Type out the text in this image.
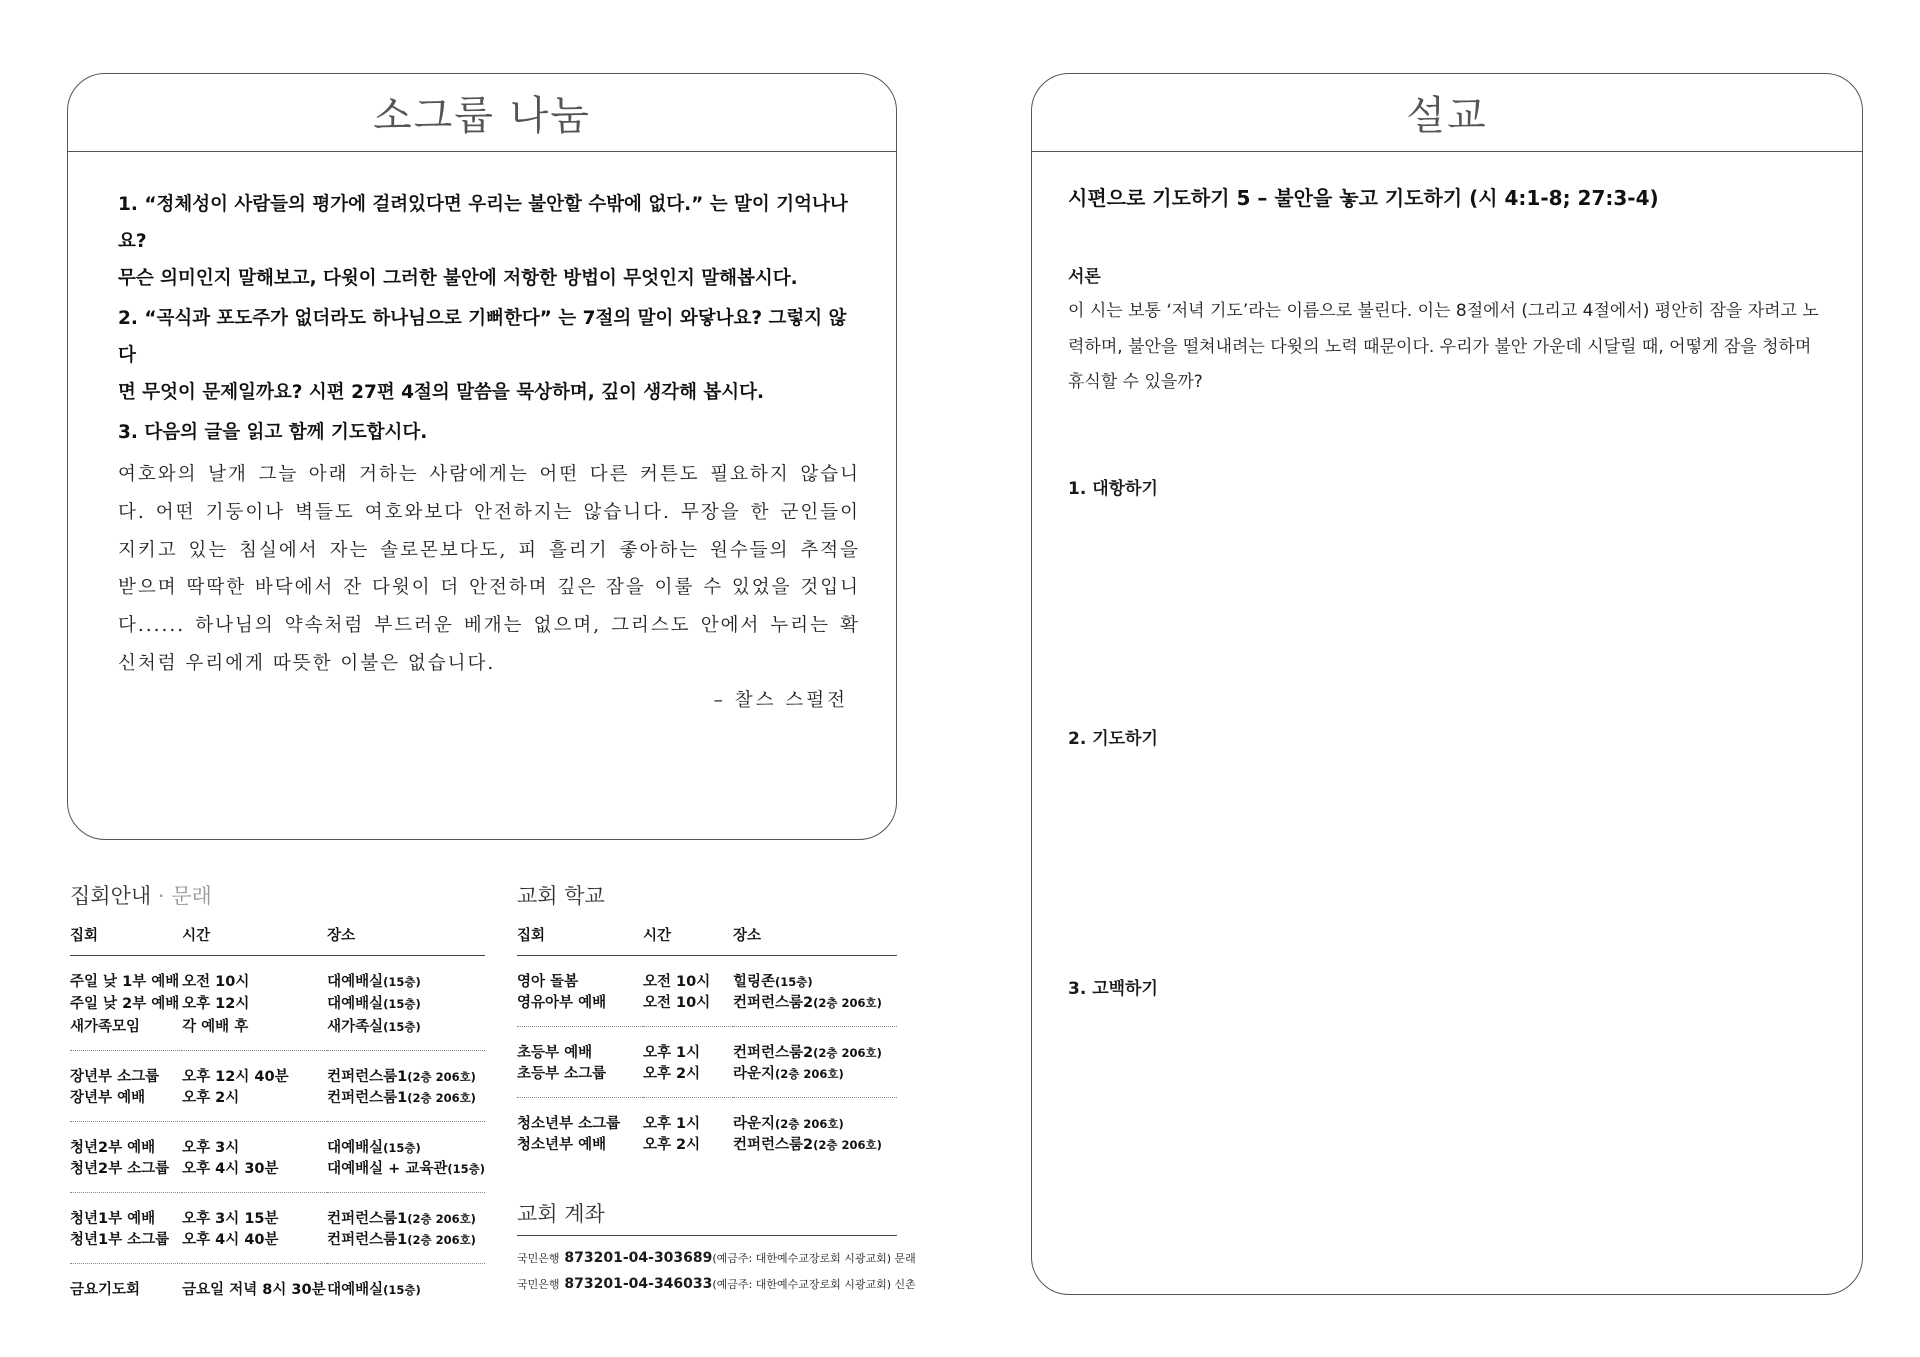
소그룹 나눔
1. “정체성이 사람들의 평가에 걸려있다면 우리는 불안할 수밖에 없다.” 는 말이 기억나나요?
무슨 의미인지 말해보고, 다윗이 그러한 불안에 저항한 방법이 무엇인지 말해봅시다.
2. “곡식과 포도주가 없더라도 하나님으로 기뻐한다” 는 7절의 말이 와닿나요? 그렇지 않다
면 무엇이 문제일까요? 시편 27편 4절의 말씀을 묵상하며, 깊이 생각해 봅시다.
3. 다음의 글을 읽고 함께 기도합시다.

여호와의 날개 그늘 아래 거하는 사람에게는 어떤 다른 커튼도 필요하지 않습니다. 어떤 기둥이나 벽들도 여호와보다 안전하지는 않습니다. 무장을 한 군인들이 지키고 있는 침실에서 자는 솔로몬보다도, 피 흘리기 좋아하는 원수들의 추적을 받으며 딱딱한 바닥에서 잔 다윗이 더 안전하며 깊은 잠을 이룰 수 있었을 것입니다...... 하나님의 약속처럼 부드러운 베개는 없으며, 그리스도 안에서 누리는 확신처럼 우리에게 따뜻한 이불은 없습니다.

– 찰스 스펄전
설교
시편으로 기도하기 5 – 불안을 놓고 기도하기 (시 4:1-8; 27:3-4)
서론

이 시는 보통 ‘저녁 기도’라는 이름으로 불린다. 이는 8절에서 (그리고 4절에서) 평안히 잠을 자려고 노력하며, 불안을 떨쳐내려는 다윗의 노력 때문이다. 우리가 불안 가운데 시달릴 때, 어떻게 잠을 청하며 휴식할 수 있을까?

1. 대항하기
2. 기도하기
3. 고백하기
집회안내 · 문래
집회	시간	장소
주일 낮 1부 예배	오전 10시	대예배실(15층)
주일 낮 2부 예배	오후 12시	대예배실(15층)
새가족모임	각 예배 후	새가족실(15층)
장년부 소그룹	오후 12시 40분	컨퍼런스룸1(2층 206호)
장년부 예배	오후 2시	컨퍼런스룸1(2층 206호)
청년2부 예배	오후 3시	대예배실(15층)
청년2부 소그룹	오후 4시 30분	대예배실 + 교육관(15층)
청년1부 예배	오후 3시 15분	컨퍼런스룸1(2층 206호)
청년1부 소그룹	오후 4시 40분	컨퍼런스룸1(2층 206호)
금요기도회	금요일 저녁 8시 30분	대예배실(15층)
교회 학교
집회	시간	장소
영아 돌봄	오전 10시	힐링존(15층)
영유아부 예배	오전 10시	컨퍼런스룸2(2층 206호)
초등부 예배	오후 1시	컨퍼런스룸2(2층 206호)
초등부 소그룹	오후 2시	라운지(2층 206호)
청소년부 소그룹	오후 1시	라운지(2층 206호)
청소년부 예배	오후 2시	컨퍼런스룸2(2층 206호)
교회 계좌
국민은행 873201-04-303689(예금주: 대한예수교장로회 시광교회) 문래
국민은행 873201-04-346033(예금주: 대한예수교장로회 시광교회) 신촌
